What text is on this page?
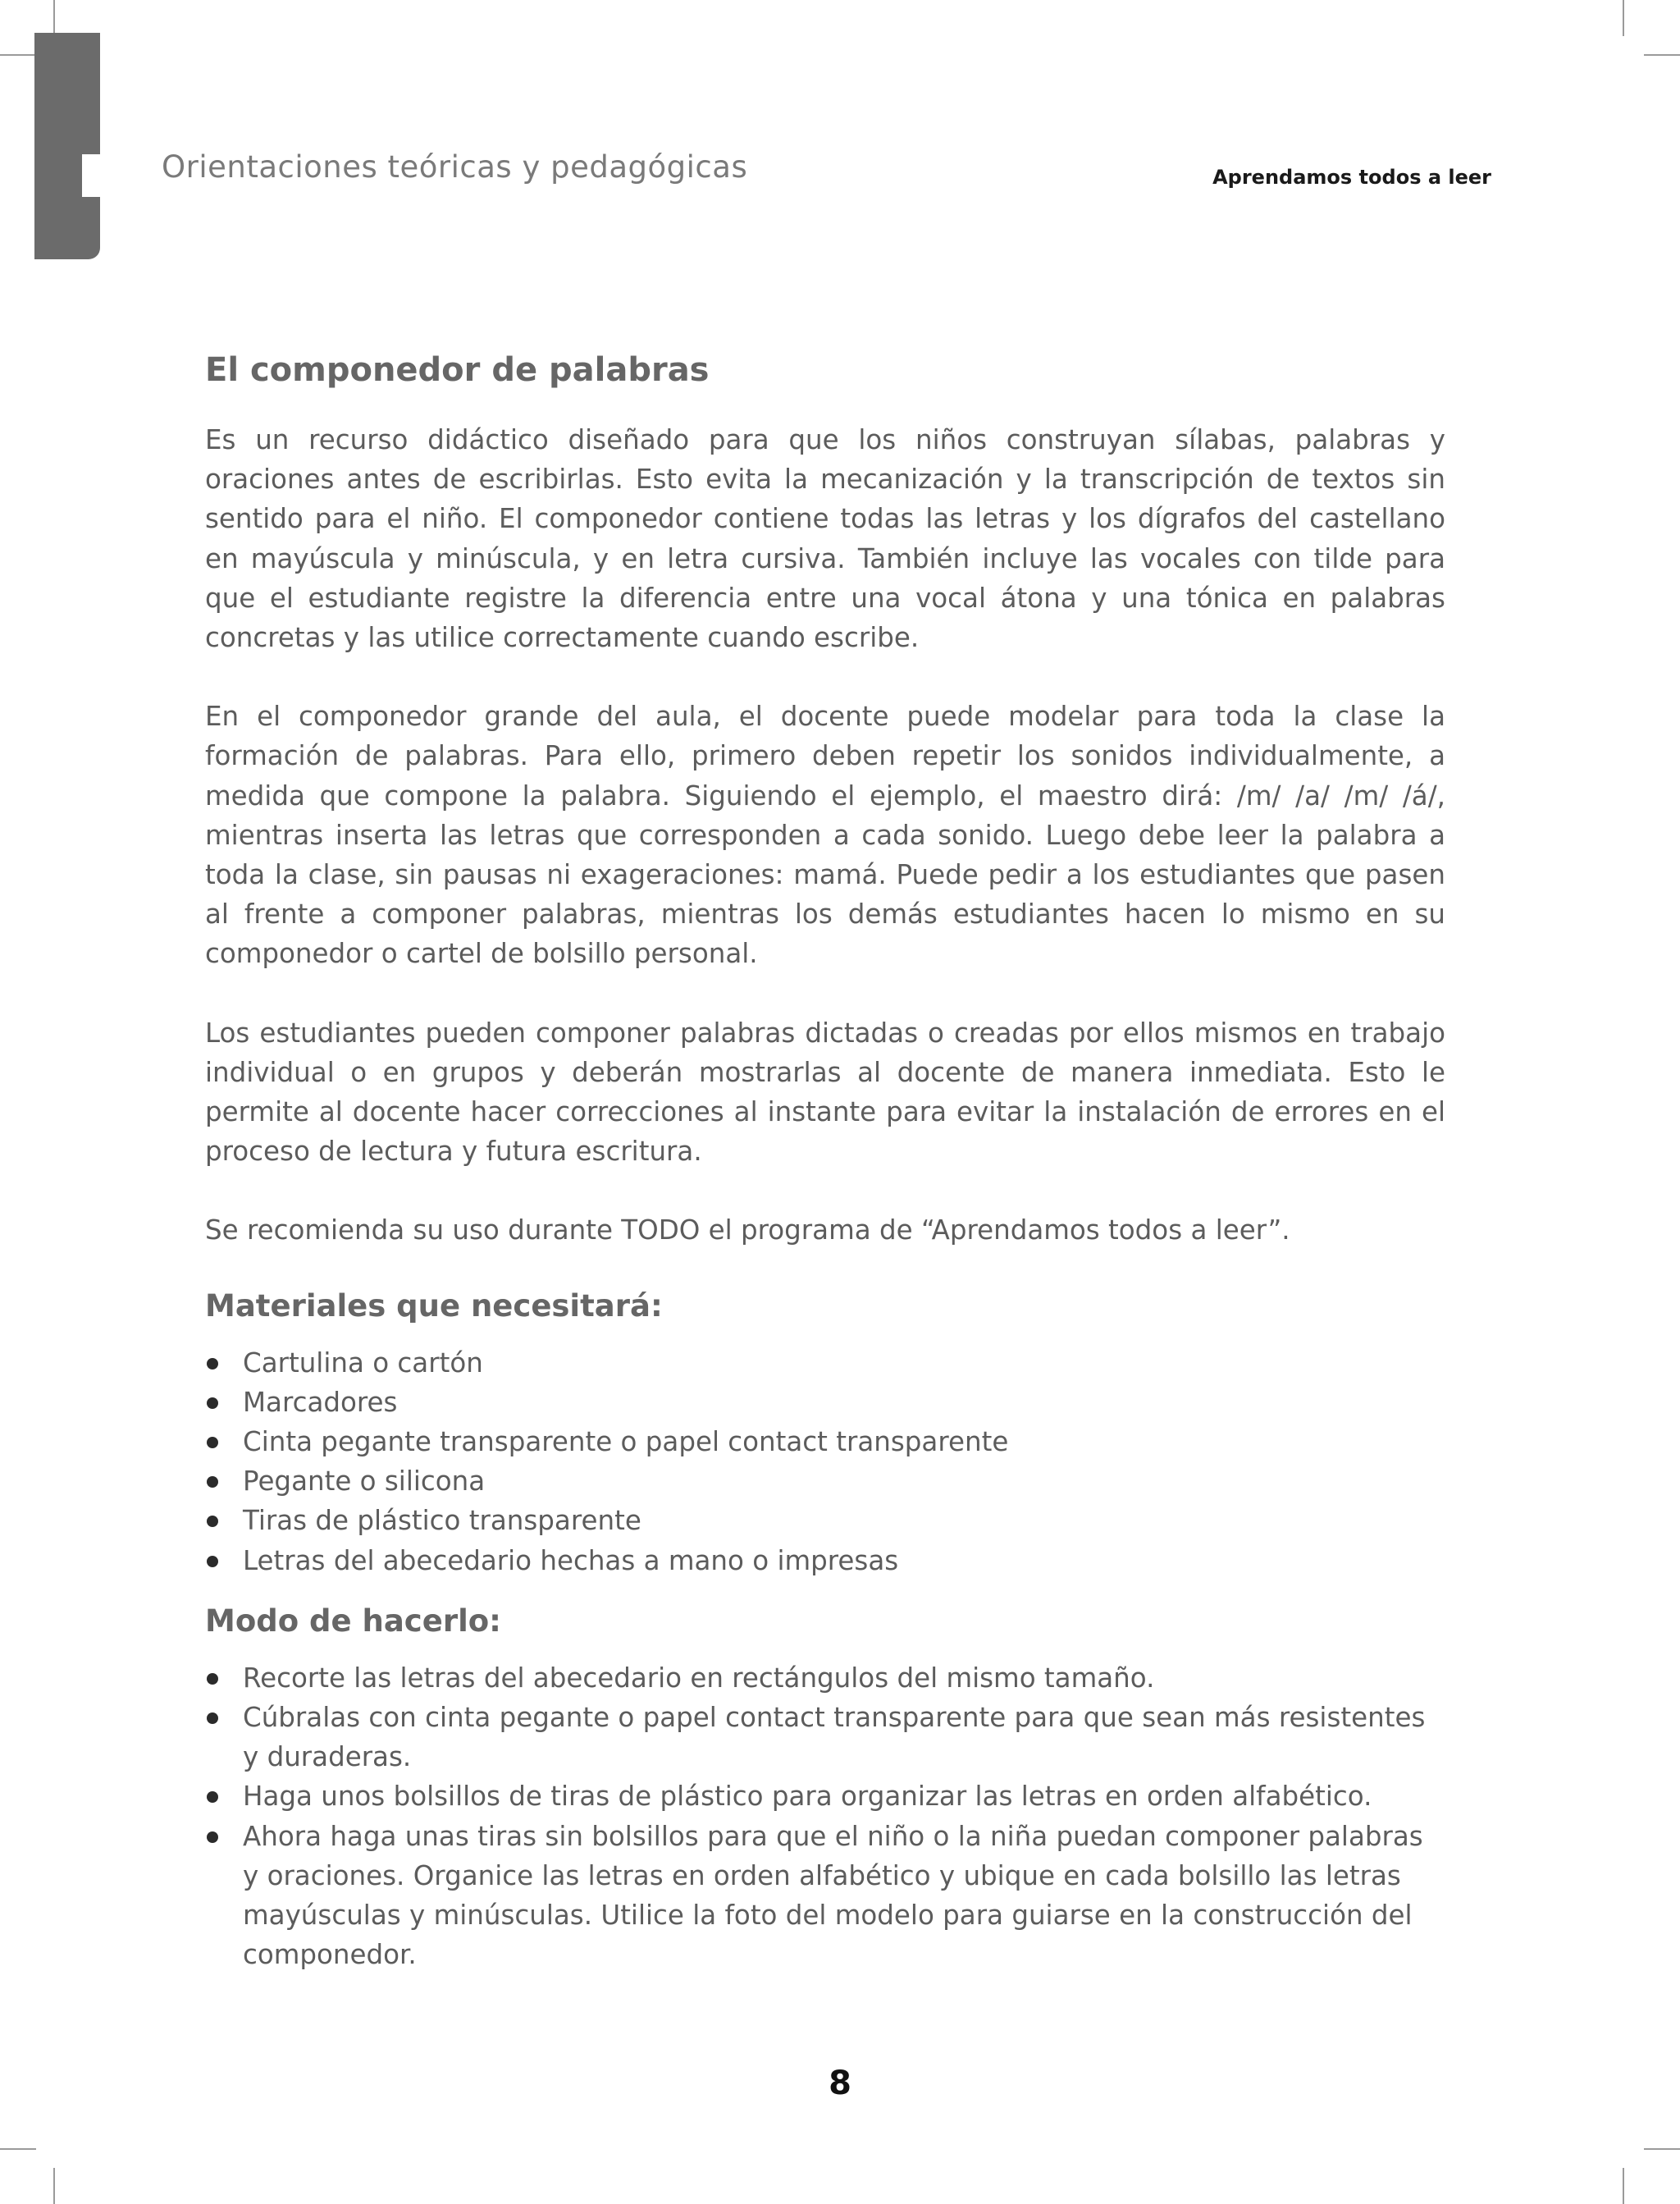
Orientaciones teóricas y pedagógicas	Aprendamos todos a leer
El componedor de palabras

Es un recurso didáctico diseñado para que los niños construyan sílabas, palabras y oraciones antes de escribirlas. Esto evita la mecanización y la transcripción de textos sin sentido para el niño. El componedor contiene todas las letras y los dígrafos del castellano en mayúscula y minúscula, y en letra cursiva. También incluye las vocales con tilde para que el estudiante registre la diferencia entre una vocal átona y una tónica en palabras concretas y las utilice correctamente cuando escribe.

En el componedor grande del aula, el docente puede modelar para toda la clase la formación de palabras. Para ello, primero deben repetir los sonidos individualmente, a medida que compone la palabra. Siguiendo el ejemplo, el maestro dirá: /m/ /a/ /m/ /á/, mientras inserta las letras que corresponden a cada sonido. Luego debe leer la palabra a toda la clase, sin pausas ni exageraciones: mamá. Puede pedir a los estudiantes que pasen al frente a componer palabras, mientras los demás estudiantes hacen lo mismo en su componedor o cartel de bolsillo personal.

Los estudiantes pueden componer palabras dictadas o creadas por ellos mismos en trabajo individual o en grupos y deberán mostrarlas al docente de manera inmediata. Esto le permite al docente hacer correcciones al instante para evitar la instalación de errores en el proceso de lectura y futura escritura.

Se recomienda su uso durante TODO el programa de “Aprendamos todos a leer”.

Materiales que necesitará:
Cartulina o cartón
Marcadores
Cinta pegante transparente o papel contact transparente
Pegante o silicona
Tiras de plástico transparente
Letras del abecedario hechas a mano o impresas
Modo de hacerlo:
Recorte las letras del abecedario en rectángulos del mismo tamaño.
Cúbralas con cinta pegante o papel contact transparente para que sean más resistentes y duraderas.
Haga unos bolsillos de tiras de plástico para organizar las letras en orden alfabético.
Ahora haga unas tiras sin bolsillos para que el niño o la niña puedan componer palabras y oraciones. Organice las letras en orden alfabético y ubique en cada bolsillo las letras mayúsculas y minúsculas. Utilice la foto del modelo para guiarse en la construcción del componedor.
8
